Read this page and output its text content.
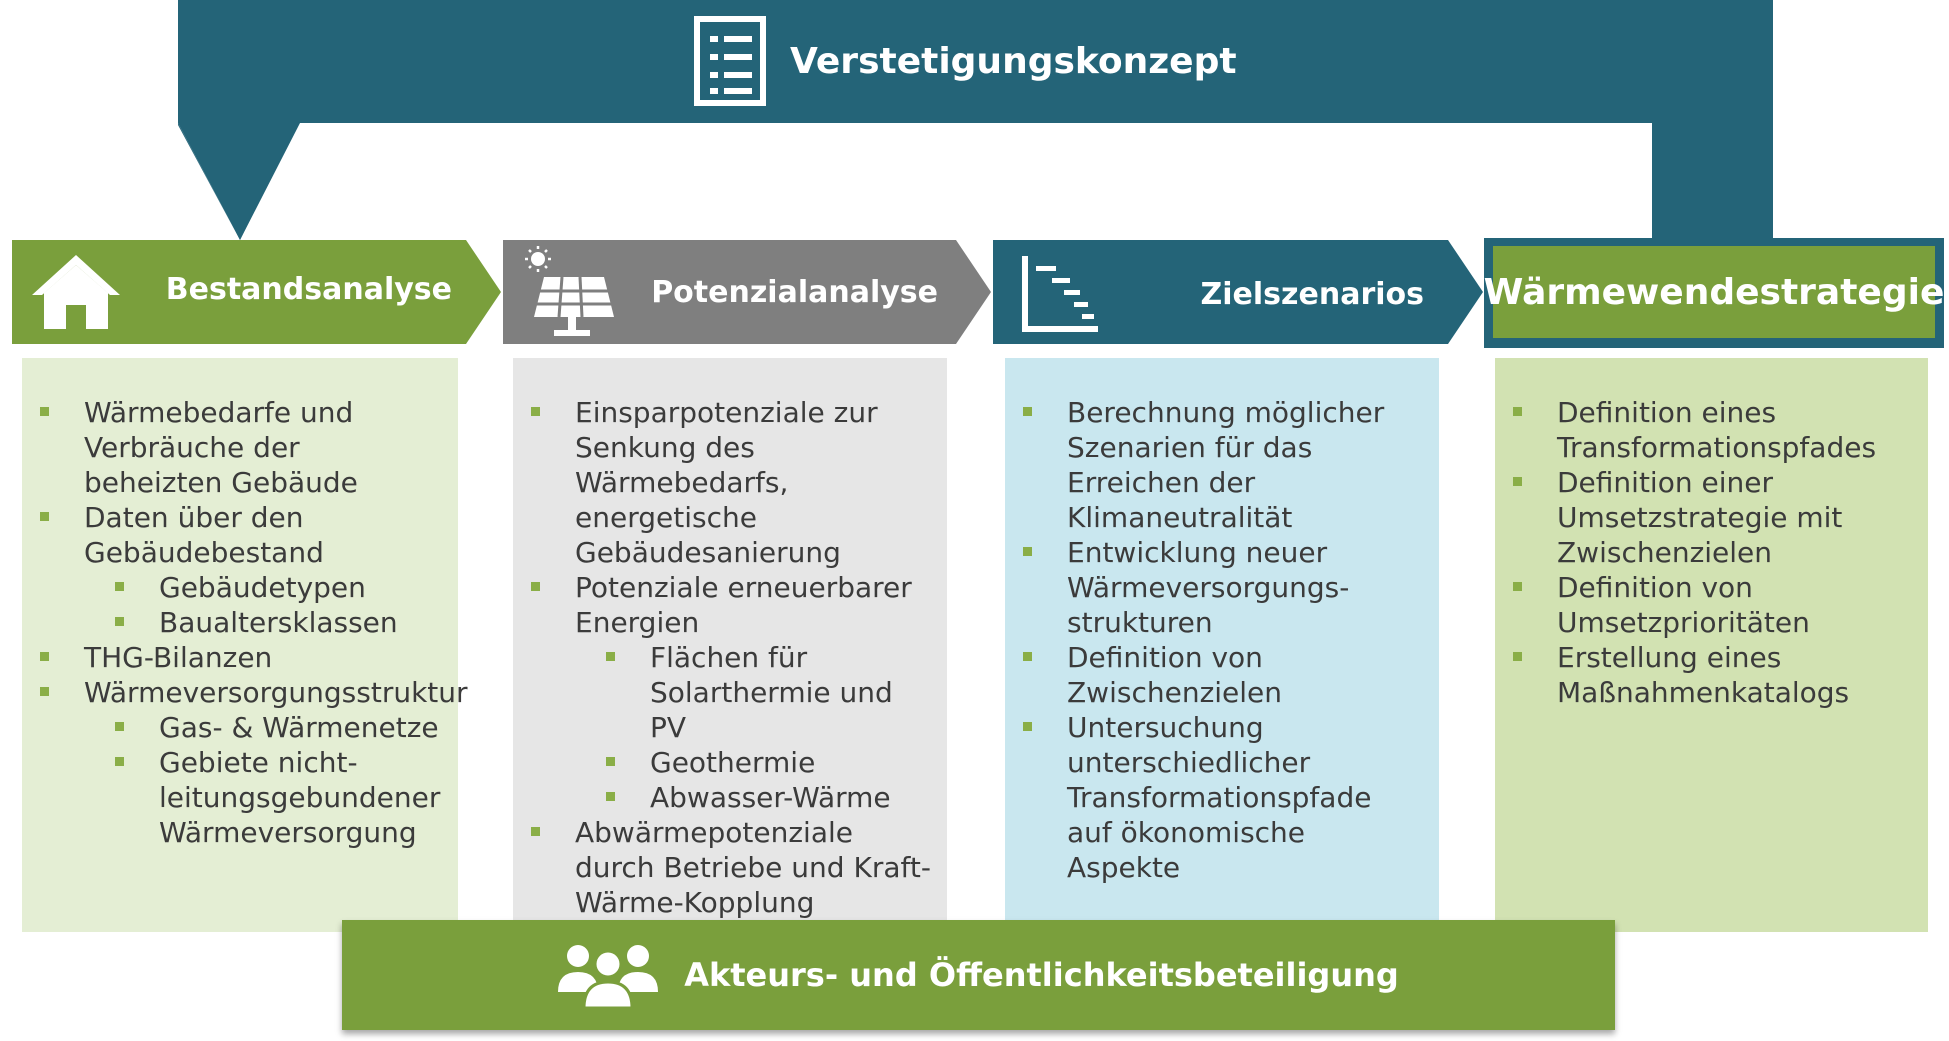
Verstetigungskonzept
Bestandsanalyse	Potenzialanalyse	Zielszenarios Wärmewendestrategie
Wärmebedarfe und Verbräuche der beheizten Gebäude
Daten über den Gebäudebestand
Gebäudetypen
Baualtersklassen
THG-Bilanzen
Wärmeversorgungsstruktur
Gas- & Wärmenetze
Gebiete nicht-leitungsgebundener Wärmeversorgung
Einsparpotenziale zur Senkung des Wärmebedarfs, energetische Gebäudesanierung
Potenziale erneuerbarer Energien
Flächen für Solarthermie und PV
Geothermie
Abwasser-Wärme
Abwärmepotenziale durch Betriebe und Kraft-Wärme-Kopplung
Berechnung möglicher Szenarien für das Erreichen der Klimaneutralität
Entwicklung neuer Wärmeversorgungs-strukturen
Definition von Zwischenzielen
Untersuchung unterschiedlicher Transformationspfade auf ökonomische Aspekte
Definition eines Transformationspfades
Definition einer Umsetzstrategie mit Zwischenzielen
Definition von Umsetzprioritäten
Erstellung eines Maßnahmenkatalogs
Akteurs- und Öffentlichkeitsbeteiligung
